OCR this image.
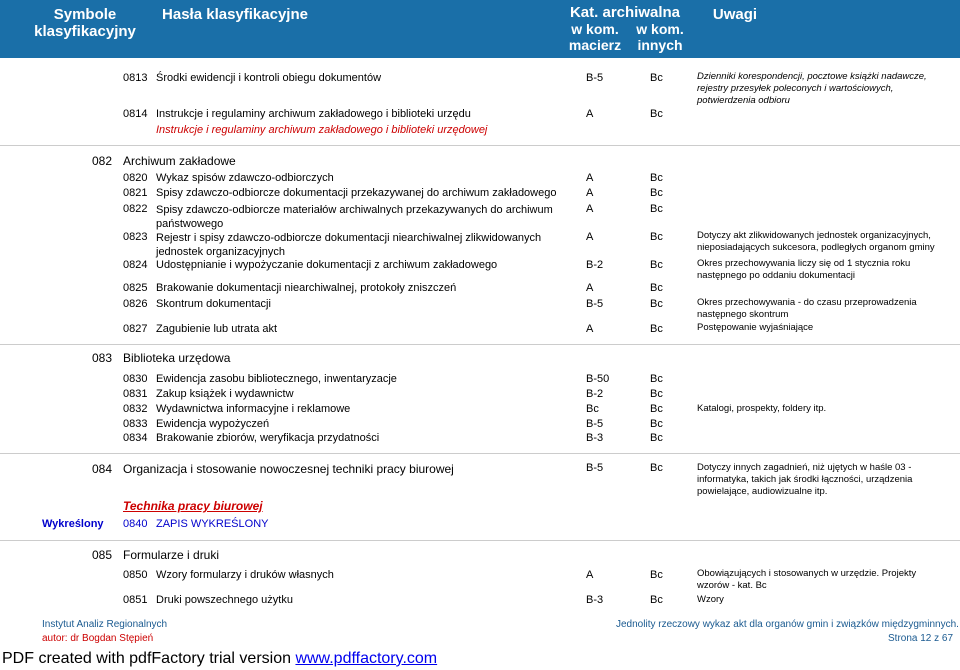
Symbole
klasyfikacyjny
Hasła klasyfikacyjne	Kat. archiwalna
w kom.
macierz
w kom.
innych
Uwagi
0813 Środki ewidencji i kontroli obiegu dokumentów	B-5	Bc	Dzienniki korespondencji, pocztowe książki nadawcze,
rejestry przesyłek poleconych i wartościowych,
potwierdzenia odbioru
0814 Instrukcje i regulaminy archiwum zakładowego i biblioteki urzędu	A	Bc
Instrukcje i regulaminy archiwum zakładowego i biblioteki urzędowej
082 Archiwum zakładowe
0820 Wykaz spisów zdawczo-odbiorczych	A	Bc
0821 Spisy zdawczo-odbiorcze dokumentacji przekazywanej do archiwum zakładowego	A	Bc
0822 Spisy zdawczo-odbiorcze materiałów archiwalnych przekazywanych do archiwum
państwowego
A	Bc
0823 Rejestr i spisy zdawczo-odbiorcze dokumentacji niearchiwalnej zlikwidowanych
jednostek organizacyjnych
A	Bc	Dotyczy akt zlikwidowanych jednostek organizacyjnych,
nieposiadających sukcesora, podległych organom gminy
0824 Udostępnianie i wypożyczanie dokumentacji z archiwum zakładowego	B-2	Bc	Okres przechowywania liczy się od 1 stycznia roku
następnego po oddaniu dokumentacji
0825 Brakowanie dokumentacji niearchiwalnej, protokoły zniszczeń	A	Bc
0826 Skontrum dokumentacji	B-5	Bc	Okres przechowywania - do czasu przeprowadzenia
następnego skontrum
0827 Zagubienie lub utrata akt	A	Bc	Postępowanie wyjaśniające
083 Biblioteka urzędowa
0830 Ewidencja zasobu bibliotecznego, inwentaryzacje	B-50	Bc
0831 Zakup książek i wydawnictw	B-2	Bc
0832 Wydawnictwa informacyjne i reklamowe	Bc	Bc	Katalogi, prospekty, foldery itp.
0833 Ewidencja wypożyczeń	B-5	Bc
0834 Brakowanie zbiorów, weryfikacja przydatności	B-3	Bc
084 Organizacja i stosowanie nowoczesnej techniki pracy biurowej	B-5	Bc	Dotyczy innych zagadnień, niż ujętych w haśle 03 -
informatyka, takich jak środki łączności, urządzenia
powielające, audiowizualne itp.
Technika pracy biurowej
Wykreślony 0840 ZAPIS WYKREŚLONY
085 Formularze i druki
0850 Wzory formularzy i druków własnych	A	Bc	Obowiązujących i stosowanych w urzędzie. Projekty
wzorów - kat. Bc
0851 Druki powszechnego użytku	B-3	Bc	Wzory
Instytut Analiz Regionalnych
autor: dr Bogdan Stępień
Jednolity rzeczowy wykaz akt dla organów gmin i związków międzygminnych.
Strona 12 z 67
PDF created with pdfFactory trial version www.pdffactory.com
